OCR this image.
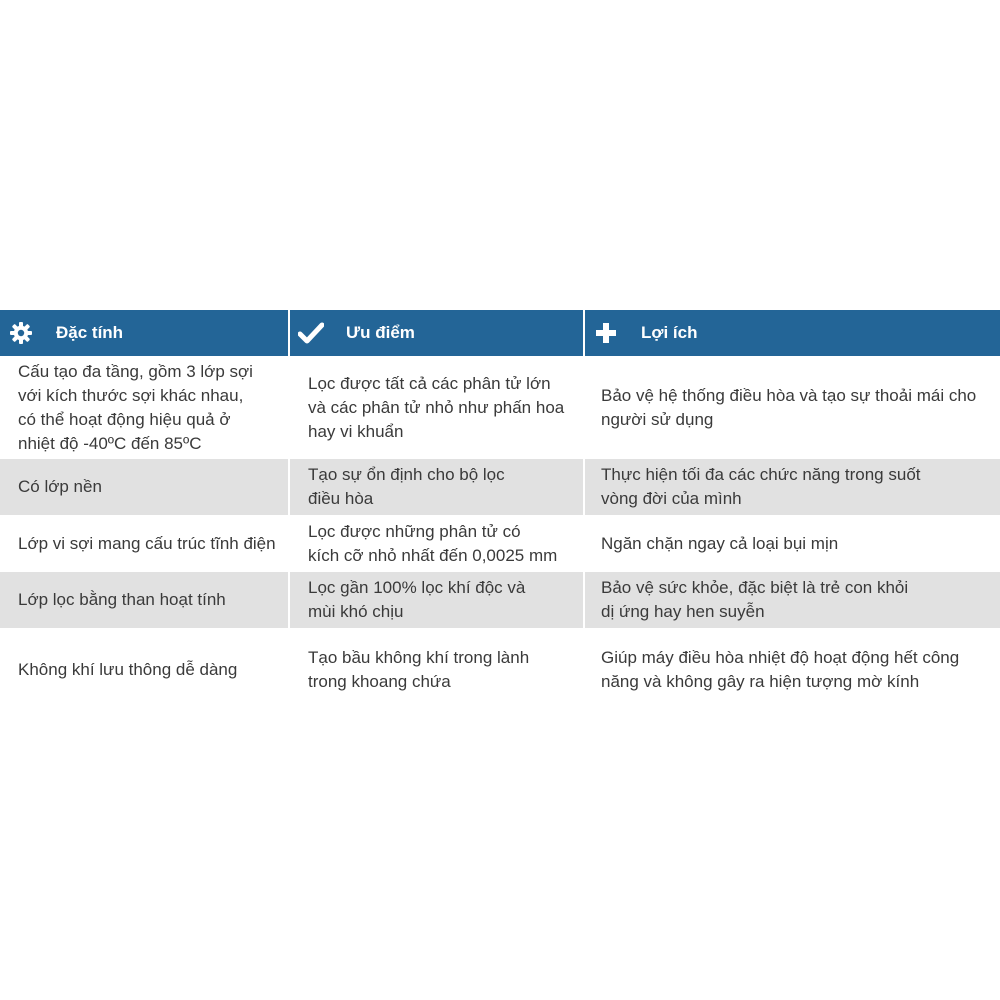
Đặc tính	Ưu điểm	Lợi ích
Cấu tạo đa tầng, gồm 3 lớp sợi
với kích thước sợi khác nhau,
có thể hoạt động hiệu quả ở
nhiệt độ -40ºC đến 85ºC
Lọc được tất cả các phân tử lớn
và các phân tử nhỏ như phấn hoa
hay vi khuẩn
Bảo vệ hệ thống điều hòa và tạo sự thoải mái cho
người sử dụng
Có lớp nền
Tạo sự ổn định cho bộ lọc
điều hòa
Thực hiện tối đa các chức năng trong suốt
vòng đời của mình
Lớp vi sợi mang cấu trúc tĩnh điện
Lọc được những phân tử có
kích cỡ nhỏ nhất đến 0,0025 mm
Ngăn chặn ngay cả loại bụi mịn
Lớp lọc bằng than hoạt tính
Lọc gần 100% lọc khí độc và
mùi khó chịu
Bảo vệ sức khỏe, đặc biệt là trẻ con khỏi
dị ứng hay hen suyễn
Không khí lưu thông dễ dàng
Tạo bầu không khí trong lành
trong khoang chứa
Giúp máy điều hòa nhiệt độ hoạt động hết công
năng và không gây ra hiện tượng mờ kính
